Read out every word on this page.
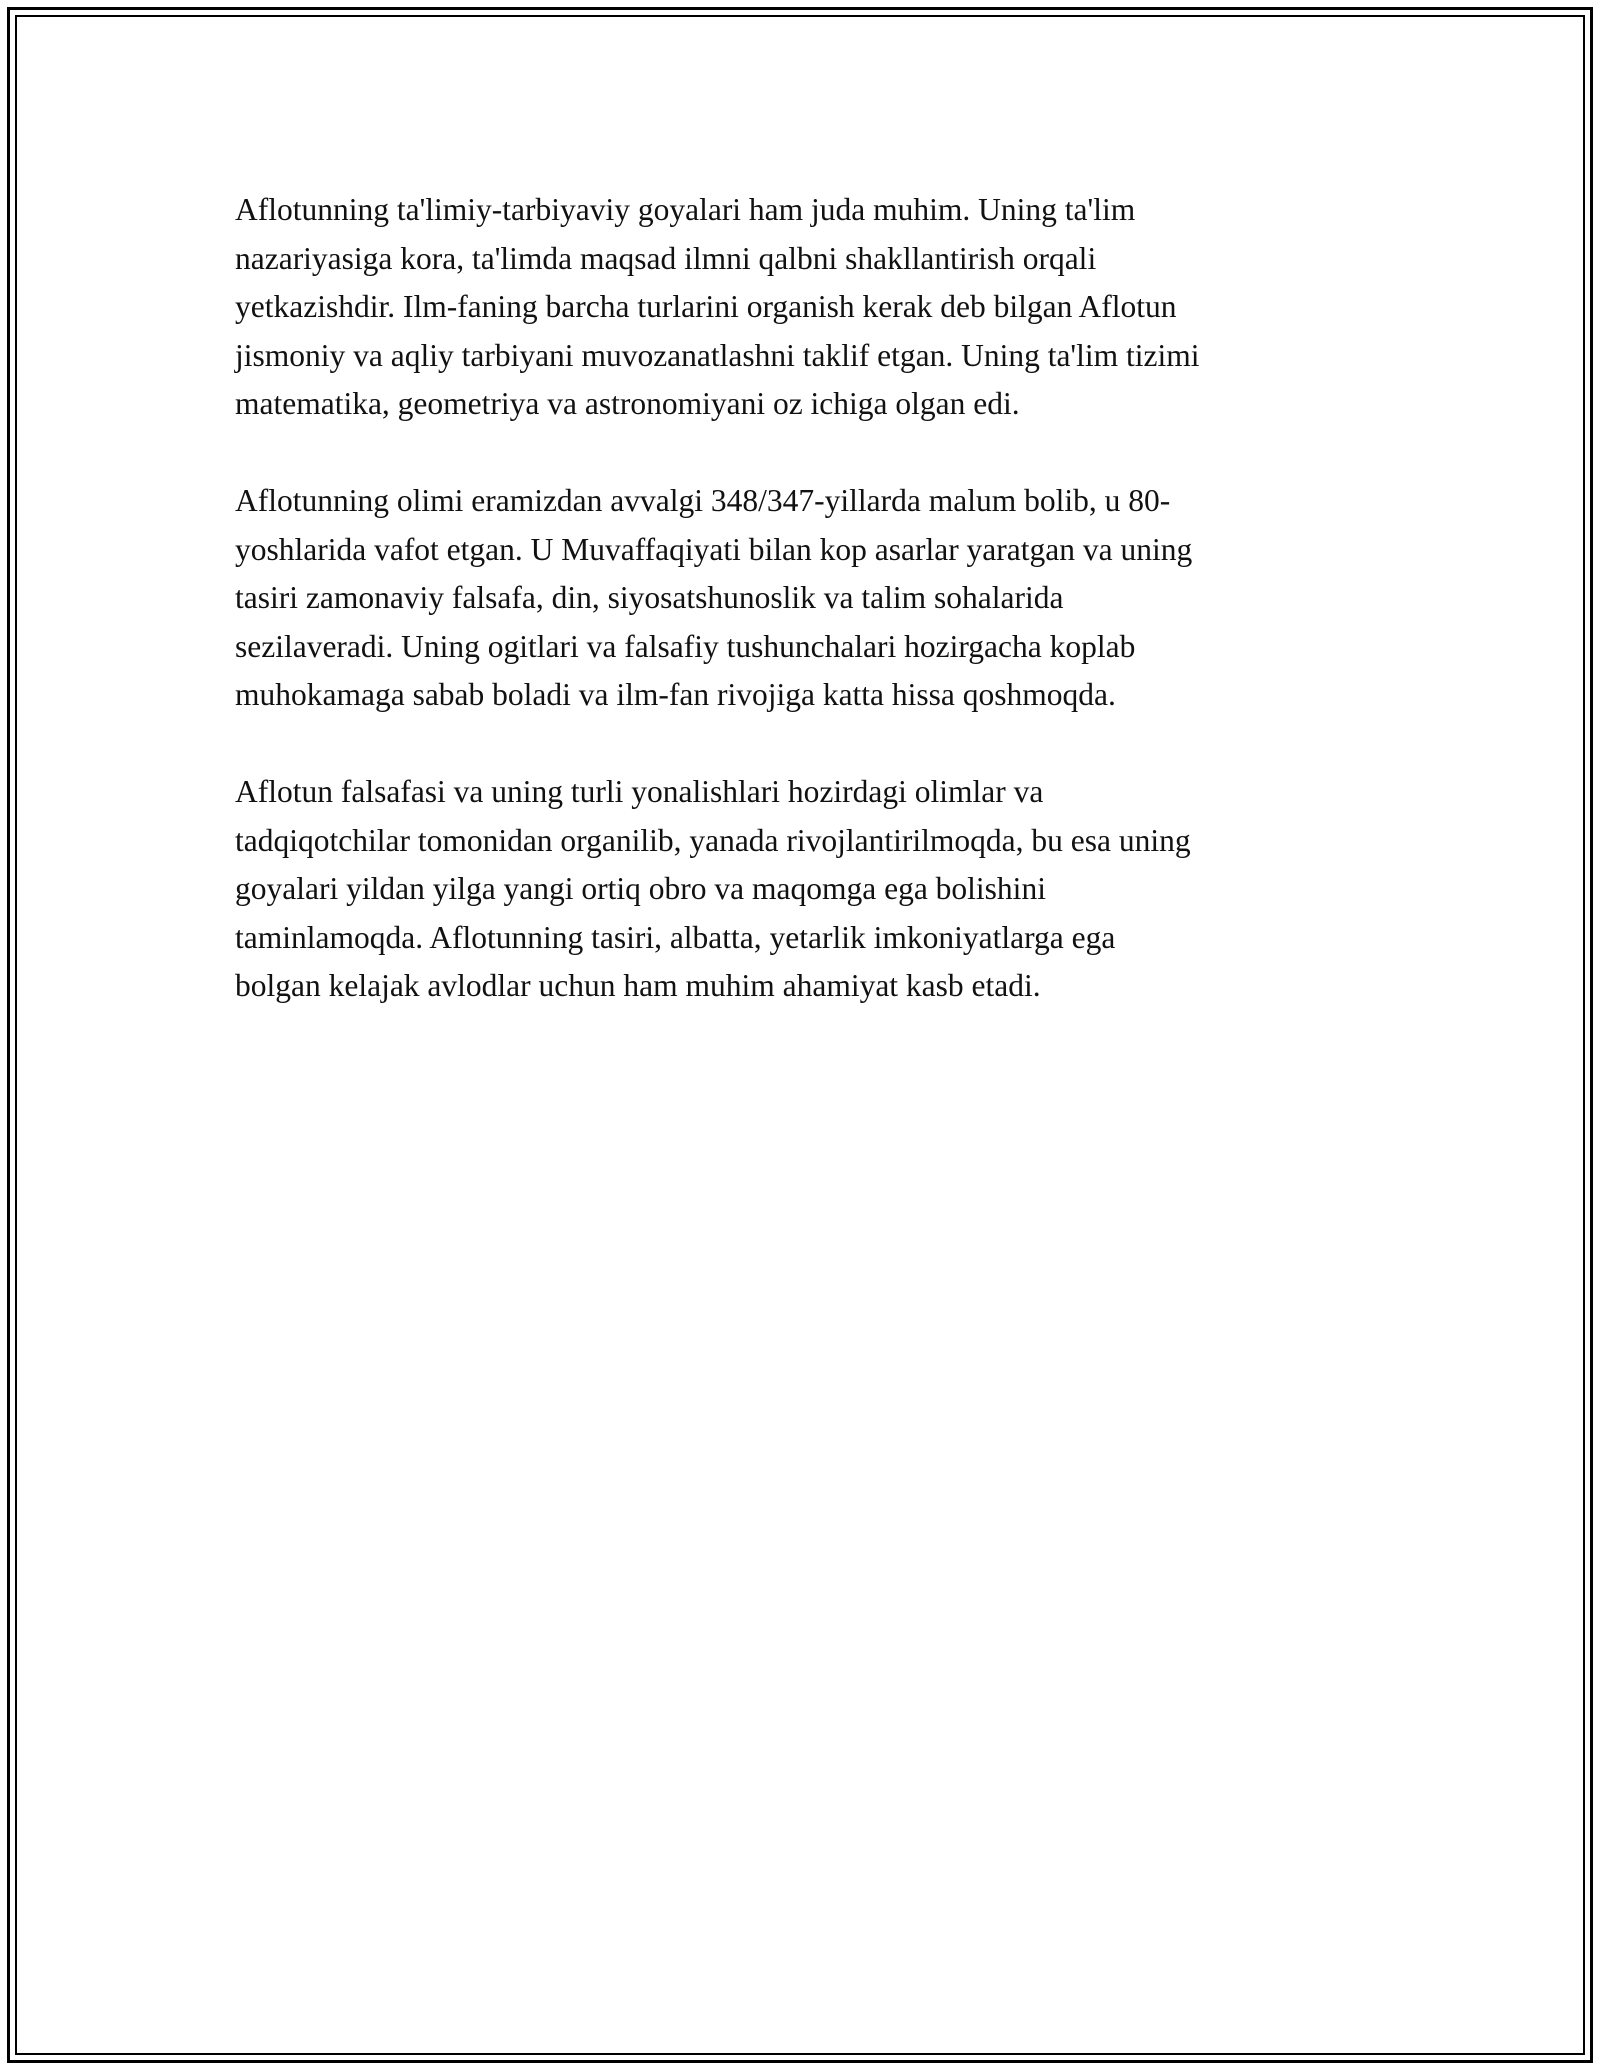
Aflotunning ta'limiy-tarbiyaviy goyalari ham juda muhim. Uning ta'lim
nazariyasiga kora, ta'limda maqsad ilmni qalbni shakllantirish orqali
yetkazishdir. Ilm-faning barcha turlarini organish kerak deb bilgan Aflotun
jismoniy va aqliy tarbiyani muvozanatlashni taklif etgan. Uning ta'lim tizimi
matematika, geometriya va astronomiyani oz ichiga olgan edi.

Aflotunning olimi eramizdan avvalgi 348/347-yillarda malum bolib, u 80-
yoshlarida vafot etgan. U Muvaffaqiyati bilan kop asarlar yaratgan va uning
tasiri zamonaviy falsafa, din, siyosatshunoslik va talim sohalarida
sezilaveradi. Uning ogitlari va falsafiy tushunchalari hozirgacha koplab
muhokamaga sabab boladi va ilm-fan rivojiga katta hissa qoshmoqda.

Aflotun falsafasi va uning turli yonalishlari hozirdagi olimlar va
tadqiqotchilar tomonidan organilib, yanada rivojlantirilmoqda, bu esa uning
goyalari yildan yilga yangi ortiq obro va maqomga ega bolishini
taminlamoqda. Aflotunning tasiri, albatta, yetarlik imkoniyatlarga ega
bolgan kelajak avlodlar uchun ham muhim ahamiyat kasb etadi.
